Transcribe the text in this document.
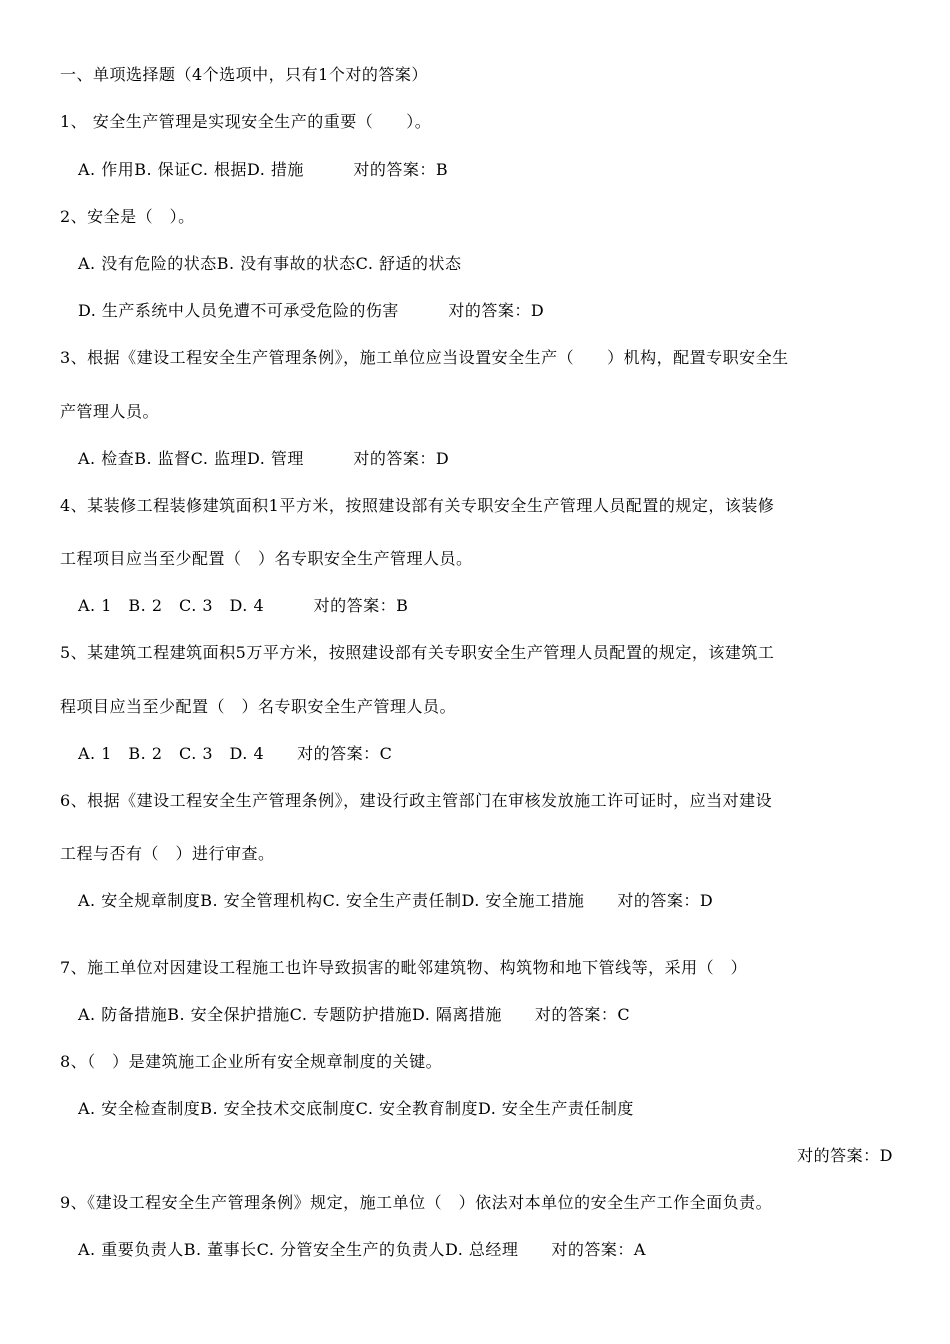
一、单项选择题（4个选项中，只有1个对的答案）
1、 安全生产管理是实现安全生产的重要（　　）。
A. 作用B. 保证C. 根据D. 措施　　　对的答案：B
2、安全是（　）。
A. 没有危险的状态B. 没有事故的状态C. 舒适的状态
D. 生产系统中人员免遭不可承受危险的伤害　　　对的答案：D
3、根据《建设工程安全生产管理条例》，施工单位应当设置安全生产（　　）机构，配置专职安全生
产管理人员。
A. 检查B. 监督C. 监理D. 管理　　　对的答案：D
4、某装修工程装修建筑面积1平方米，按照建设部有关专职安全生产管理人员配置的规定，该装修
工程项目应当至少配置（　）名专职安全生产管理人员。
A. 1　B. 2　C. 3　D. 4　　　对的答案：B
5、某建筑工程建筑面积5万平方米，按照建设部有关专职安全生产管理人员配置的规定，该建筑工
程项目应当至少配置（　）名专职安全生产管理人员。
A. 1　B. 2　C. 3　D. 4　　对的答案：C
6、根据《建设工程安全生产管理条例》，建设行政主管部门在审核发放施工许可证时，应当对建设
工程与否有（　）进行审查。
A. 安全规章制度B. 安全管理机构C. 安全生产责任制D. 安全施工措施　　对的答案：D
7、施工单位对因建设工程施工也许导致损害的毗邻建筑物、构筑物和地下管线等，采用（　）
A. 防备措施B. 安全保护措施C. 专题防护措施D. 隔离措施　　对的答案：C
8、（　）是建筑施工企业所有安全规章制度的关键。
A. 安全检查制度B. 安全技术交底制度C. 安全教育制度D. 安全生产责任制度
对的答案：D
9、《建设工程安全生产管理条例》规定，施工单位（　）依法对本单位的安全生产工作全面负责。
A. 重要负责人B. 董事长C. 分管安全生产的负责人D. 总经理　　对的答案：A
